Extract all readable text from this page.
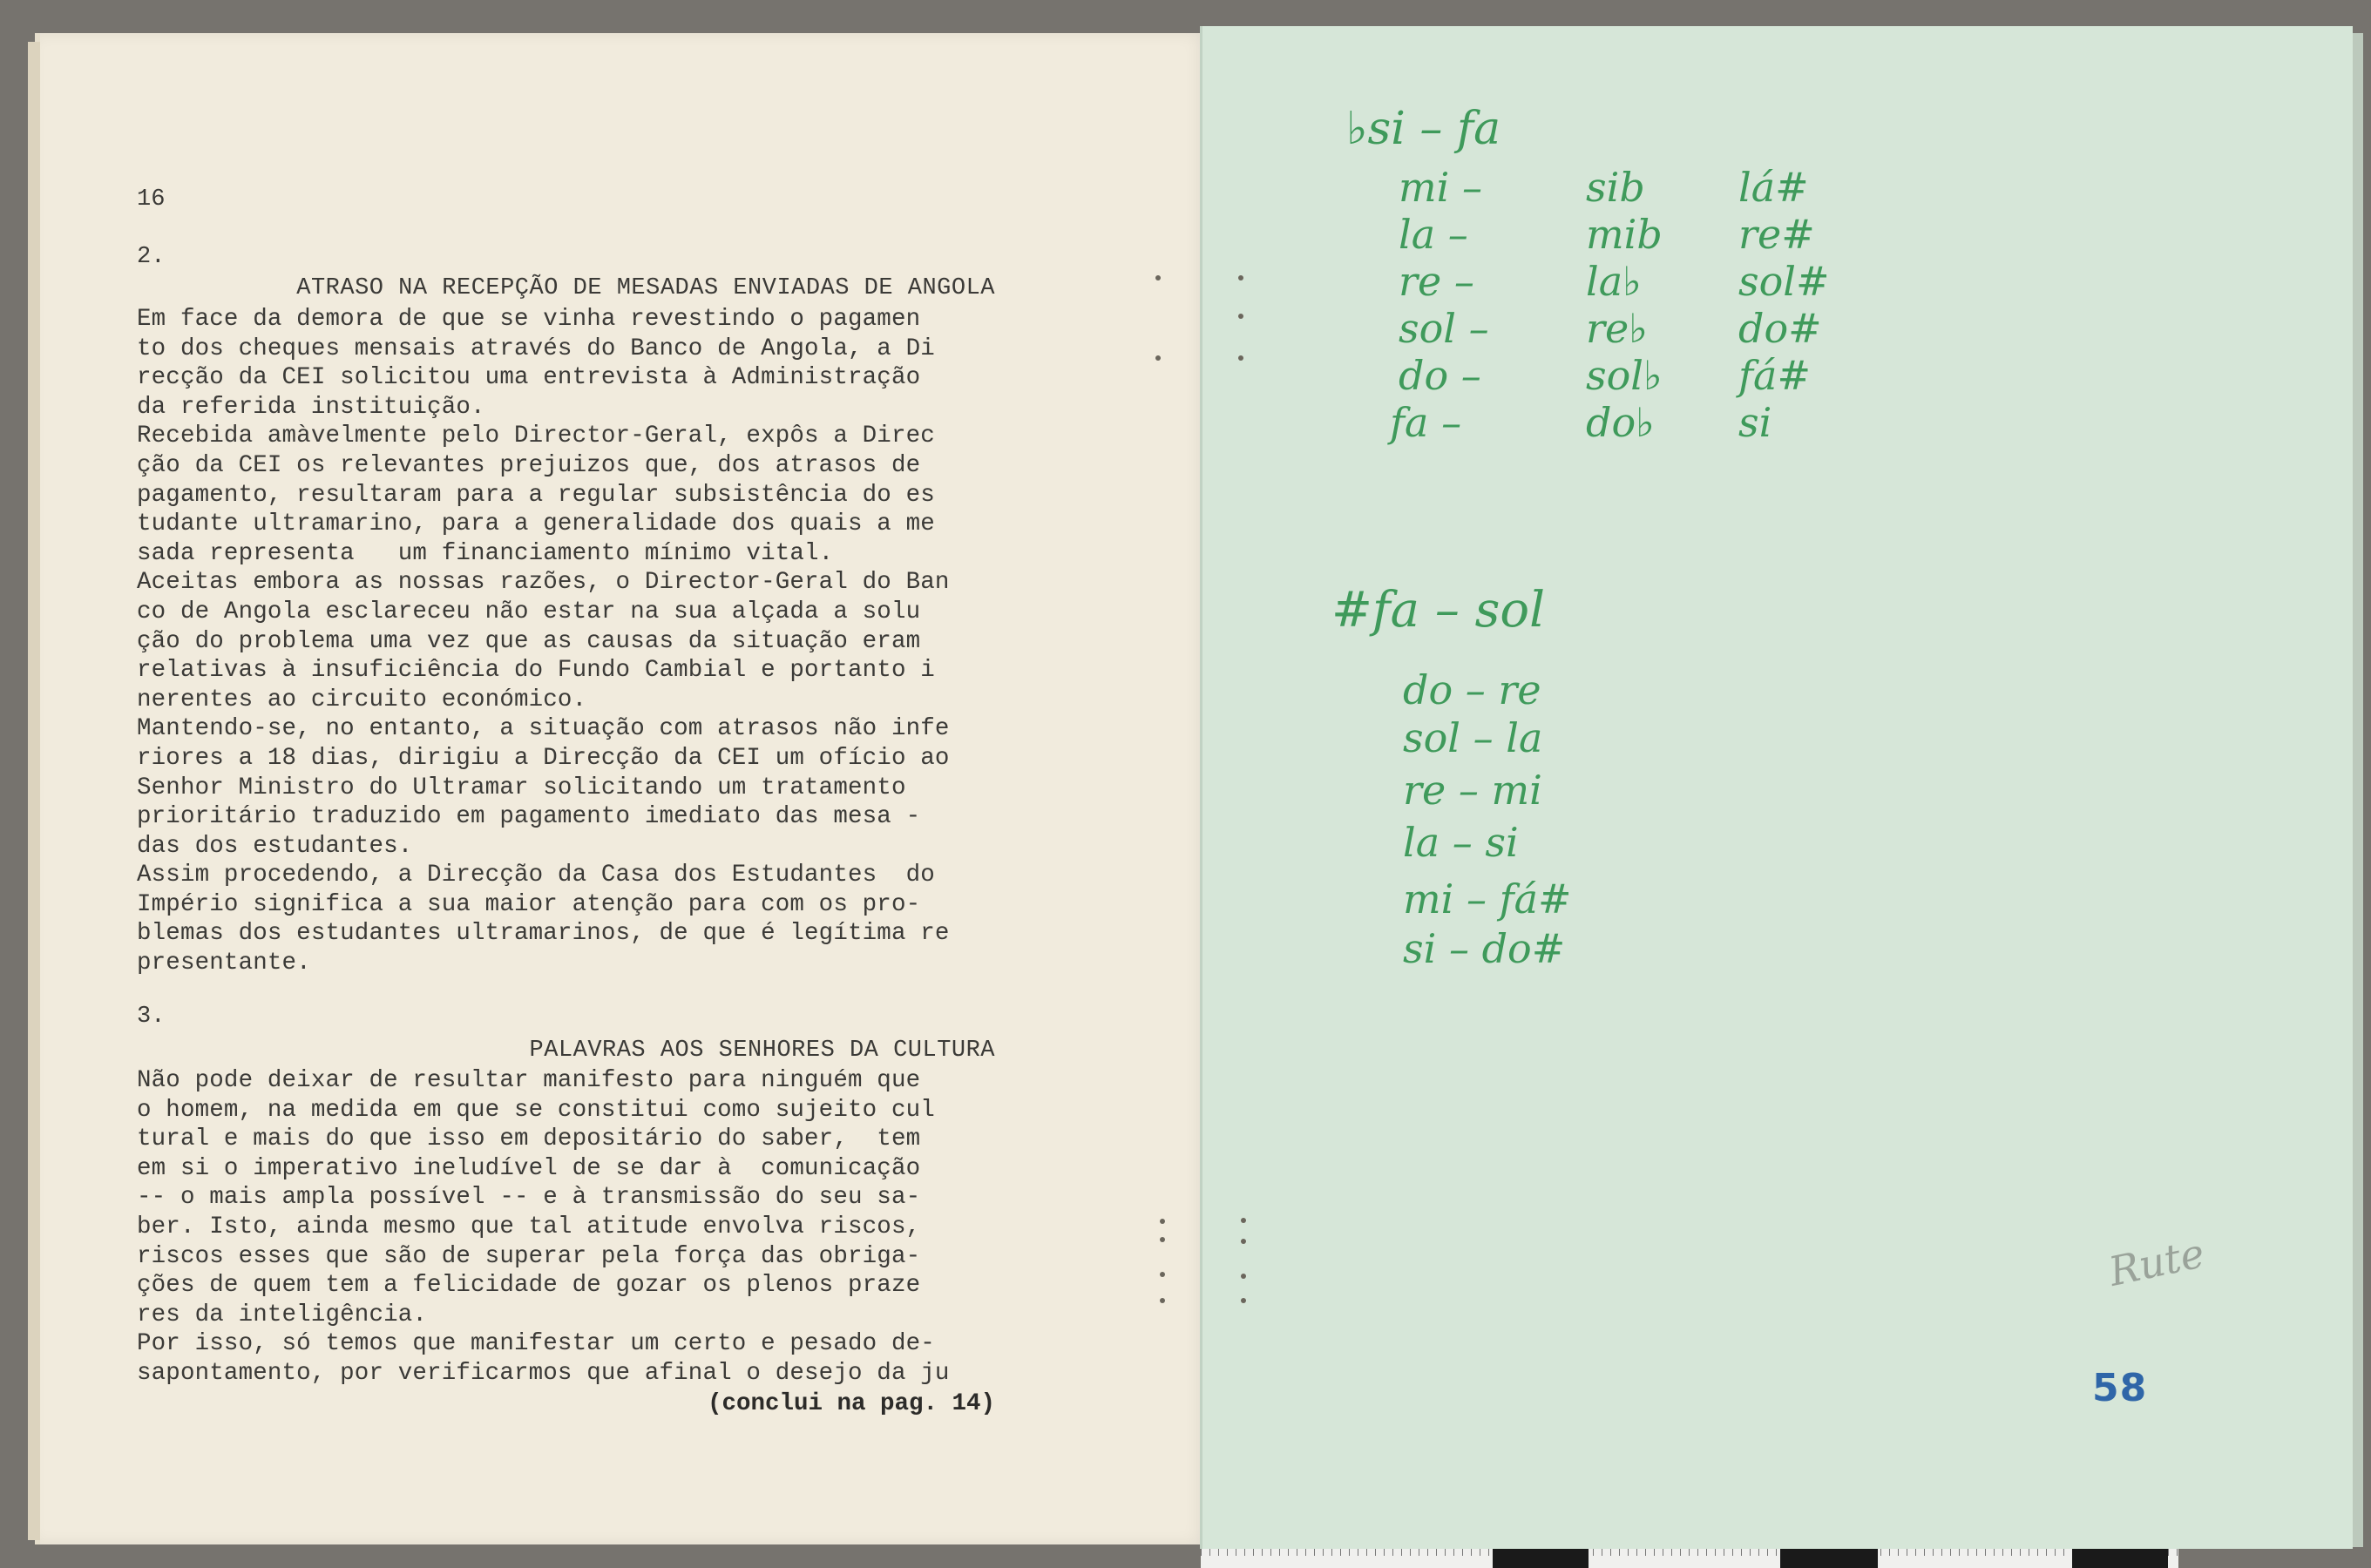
16
2.
ATRASO NA RECEPÇÃO DE MESADAS ENVIADAS DE ANGOLA
Em face da demora de que se vinha revestindo o pagamen
to dos cheques mensais através do Banco de Angola, a Di
recção da CEI solicitou uma entrevista à Administração
da referida instituição.
Recebida amàvelmente pelo Director-Geral, expôs a Direc
ção da CEI os relevantes prejuizos que, dos atrasos de
pagamento, resultaram para a regular subsistência do es
tudante ultramarino, para a generalidade dos quais a me
sada representa   um financiamento mínimo vital.
Aceitas embora as nossas razões, o Director-Geral do Ban
co de Angola esclareceu não estar na sua alçada a solu
ção do problema uma vez que as causas da situação eram
relativas à insuficiência do Fundo Cambial e portanto i
nerentes ao circuito económico.
Mantendo-se, no entanto, a situação com atrasos não infe
riores a 18 dias, dirigiu a Direcção da CEI um ofício ao
Senhor Ministro do Ultramar solicitando um tratamento
prioritário traduzido em pagamento imediato das mesa -
das dos estudantes.
Assim procedendo, a Direcção da Casa dos Estudantes  do
Império significa a sua maior atenção para com os pro-
blemas dos estudantes ultramarinos, de que é legítima re
presentante.
3.
PALAVRAS AOS SENHORES DA CULTURA
Não pode deixar de resultar manifesto para ninguém que
o homem, na medida em que se constitui como sujeito cul
tural e mais do que isso em depositário do saber,  tem
em si o imperativo ineludível de se dar à  comunicação
-- o mais ampla possível -- e à transmissão do seu sa-
ber. Isto, ainda mesmo que tal atitude envolva riscos,
riscos esses que são de superar pela força das obriga-
ções de quem tem a felicidade de gozar os plenos praze
res da inteligência.
Por isso, só temos que manifestar um certo e pesado de-
sapontamento, por verificarmos que afinal o desejo da ju
(conclui na pag. 14)
♭si – fa
mi –	sib lá#
la –	mib re#
re –	la♭ sol#
sol – re♭ do#
do –	sol♭ fá#
fa –	do♭ si
#fa – sol
do – re
sol – la
re – mi
la – si
mi – fá#
si – do#
Rute
58
